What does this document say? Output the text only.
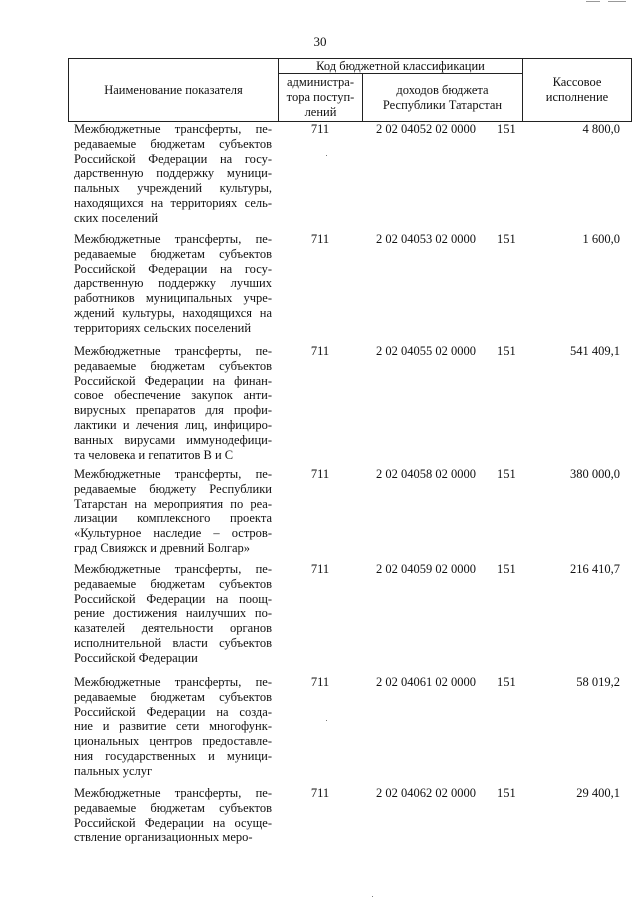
30
Наименование показателя
Код бюджетной классификации
администра-
тора поступ-
лений
доходов бюджета
Республики Татарстан
Кассовое
исполнение
Межбюджетные трансферты, пе-
редаваемые бюджетам субъектов
Российской Федерации на госу-
дарственную поддержку муници-
пальных учреждений культуры,
находящихся на территориях сель-
ских поселений
711	2 02 04052 02 0000 151	4 800,0
Межбюджетные трансферты, пе-
редаваемые бюджетам субъектов
Российской Федерации на госу-
дарственную поддержку лучших
работников муниципальных учре-
ждений культуры, находящихся на
территориях сельских поселений
711	2 02 04053 02 0000 151	1 600,0
Межбюджетные трансферты, пе-
редаваемые бюджетам субъектов
Российской Федерации на финан-
совое обеспечение закупок анти-
вирусных препаратов для профи-
лактики и лечения лиц, инфициро-
ванных вирусами иммунодефици-
та человека и гепатитов В и С
711	2 02 04055 02 0000 151	541 409,1
Межбюджетные трансферты, пе-
редаваемые бюджету Республики
Татарстан на мероприятия по реа-
лизации комплексного проекта
«Культурное наследие – остров-
град Свияжск и древний Болгар»
711	2 02 04058 02 0000 151	380 000,0
Межбюджетные трансферты, пе-
редаваемые бюджетам субъектов
Российской Федерации на поощ-
рение достижения наилучших по-
казателей деятельности органов
исполнительной власти субъектов
Российской Федерации
711	2 02 04059 02 0000 151	216 410,7
Межбюджетные трансферты, пе-
редаваемые бюджетам субъектов
Российской Федерации на созда-
ние и развитие сети многофунк-
циональных центров предоставле-
ния государственных и муници-
пальных услуг
711	2 02 04061 02 0000 151	58 019,2
Межбюджетные трансферты, пе-
редаваемые бюджетам субъектов
Российской Федерации на осуще-
ствление организационных меро-
711	2 02 04062 02 0000 151	29 400,1
